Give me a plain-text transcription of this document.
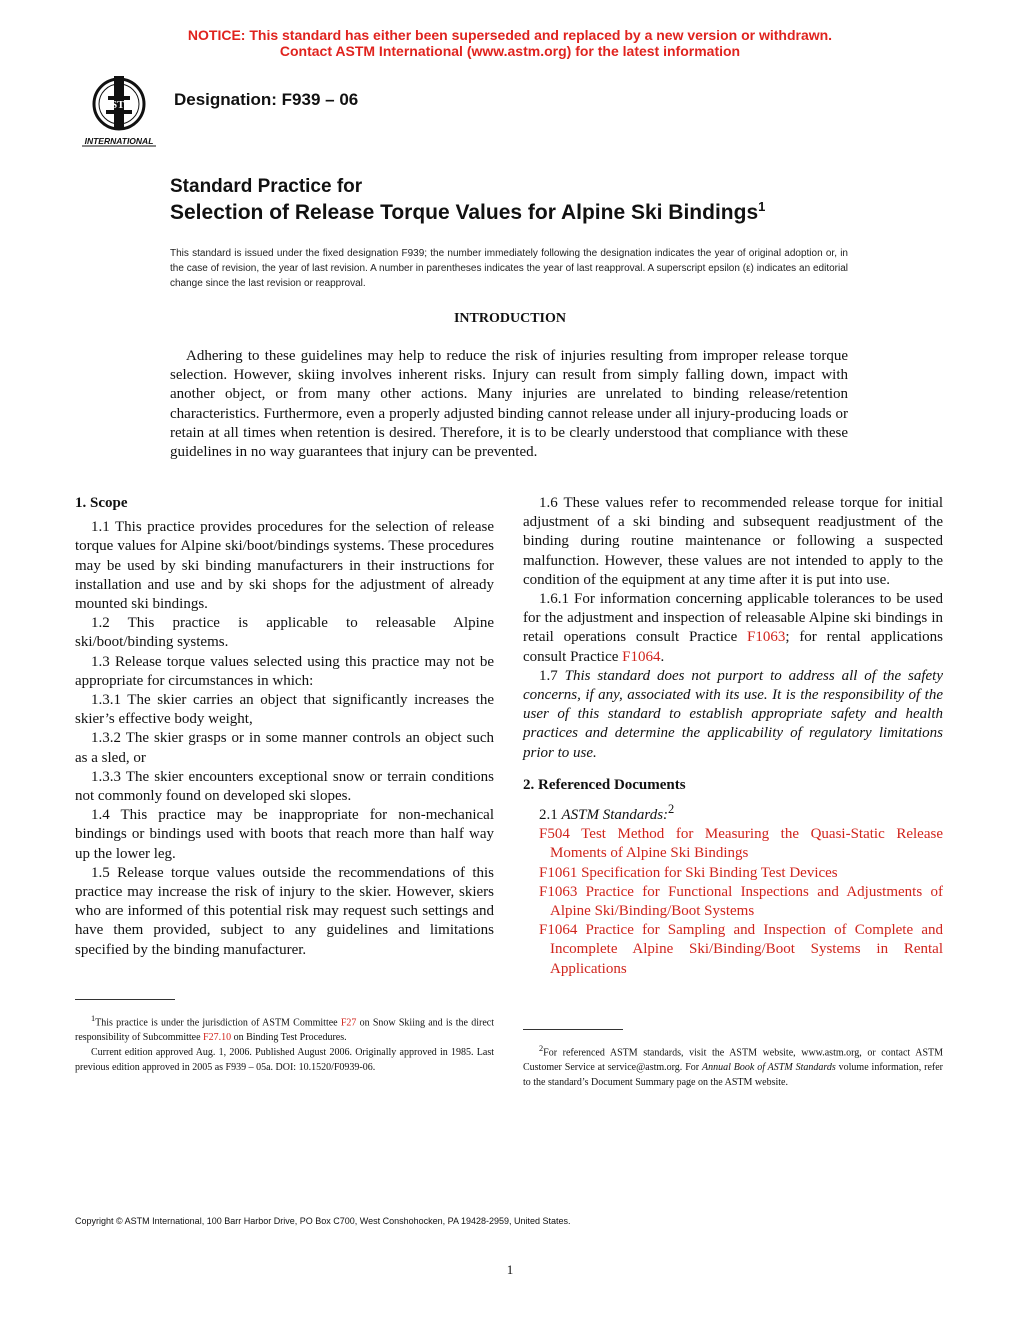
NOTICE: This standard has either been superseded and replaced by a new version or withdrawn.
Contact ASTM International (www.astm.org) for the latest information
ASTM
INTERNATIONAL
Designation: F939 – 06
Standard Practice for
Selection of Release Torque Values for Alpine Ski Bindings$^1$
This standard is issued under the fixed designation F939; the number immediately following the designation indicates the year of original adoption or, in the case of revision, the year of last revision. A number in parentheses indicates the year of last reapproval. A superscript epsilon (ε) indicates an editorial change since the last revision or reapproval.
INTRODUCTION
Adhering to these guidelines may help to reduce the risk of injuries resulting from improper release torque selection. However, skiing involves inherent risks. Injury can result from simply falling down, impact with another object, or from many other actions. Many injuries are unrelated to binding release/retention characteristics. Furthermore, even a properly adjusted binding cannot release under all injury-producing loads or retain at all times when retention is desired. Therefore, it is to be clearly understood that compliance with these guidelines in no way guarantees that injury can be prevented.

1. Scope

1.1 This practice provides procedures for the selection of release torque values for Alpine ski/boot/bindings systems. These procedures may be used by ski binding manufacturers in their instructions for installation and use and by ski shops for the adjustment of already mounted ski bindings.

1.2 This practice is applicable to releasable Alpine ski/boot/binding systems.

1.3 Release torque values selected using this practice may not be appropriate for circumstances in which:

1.3.1 The skier carries an object that significantly increases the skier’s effective body weight,

1.3.2 The skier grasps or in some manner controls an object such as a sled, or

1.3.3 The skier encounters exceptional snow or terrain conditions not commonly found on developed ski slopes.

1.4 This practice may be inappropriate for non-mechanical bindings or bindings used with boots that reach more than half way up the lower leg.

1.5 Release torque values outside the recommendations of this practice may increase the risk of injury to the skier. However, skiers who are informed of this potential risk may request such settings and have them provided, subject to any guidelines and limitations specified by the binding manufacturer.

$^1$This practice is under the jurisdiction of ASTM Committee F27 on Snow Skiing and is the direct responsibility of Subcommittee F27.10 on Binding Test Procedures.

Current edition approved Aug. 1, 2006. Published August 2006. Originally approved in 1985. Last previous edition approved in 2005 as F939 – 05a. DOI: 10.1520/F0939-06.

1.6 These values refer to recommended release torque for initial adjustment of a ski binding and subsequent readjustment of the binding during routine maintenance or following a suspected malfunction. However, these values are not intended to apply to the condition of the equipment at any time after it is put into use.

1.6.1 For information concerning applicable tolerances to be used for the adjustment and inspection of releasable Alpine ski bindings in retail operations consult Practice F1063; for rental applications consult Practice F1064.

1.7 This standard does not purport to address all of the safety concerns, if any, associated with its use. It is the responsibility of the user of this standard to establish appropriate safety and health practices and determine the applicability of regulatory limitations prior to use.

2. Referenced Documents

2.1 ASTM Standards:$^2$

F504 Test Method for Measuring the Quasi-Static Release Moments of Alpine Ski Bindings

F1061 Specification for Ski Binding Test Devices

F1063 Practice for Functional Inspections and Adjustments of Alpine Ski/Binding/Boot Systems

F1064 Practice for Sampling and Inspection of Complete and Incomplete Alpine Ski/Binding/Boot Systems in Rental Applications

$^2$For referenced ASTM standards, visit the ASTM website, www.astm.org, or contact ASTM Customer Service at service@astm.org. For Annual Book of ASTM Standards volume information, refer to the standard’s Document Summary page on the ASTM website.

Copyright © ASTM International, 100 Barr Harbor Drive, PO Box C700, West Conshohocken, PA 19428-2959, United States.
1
